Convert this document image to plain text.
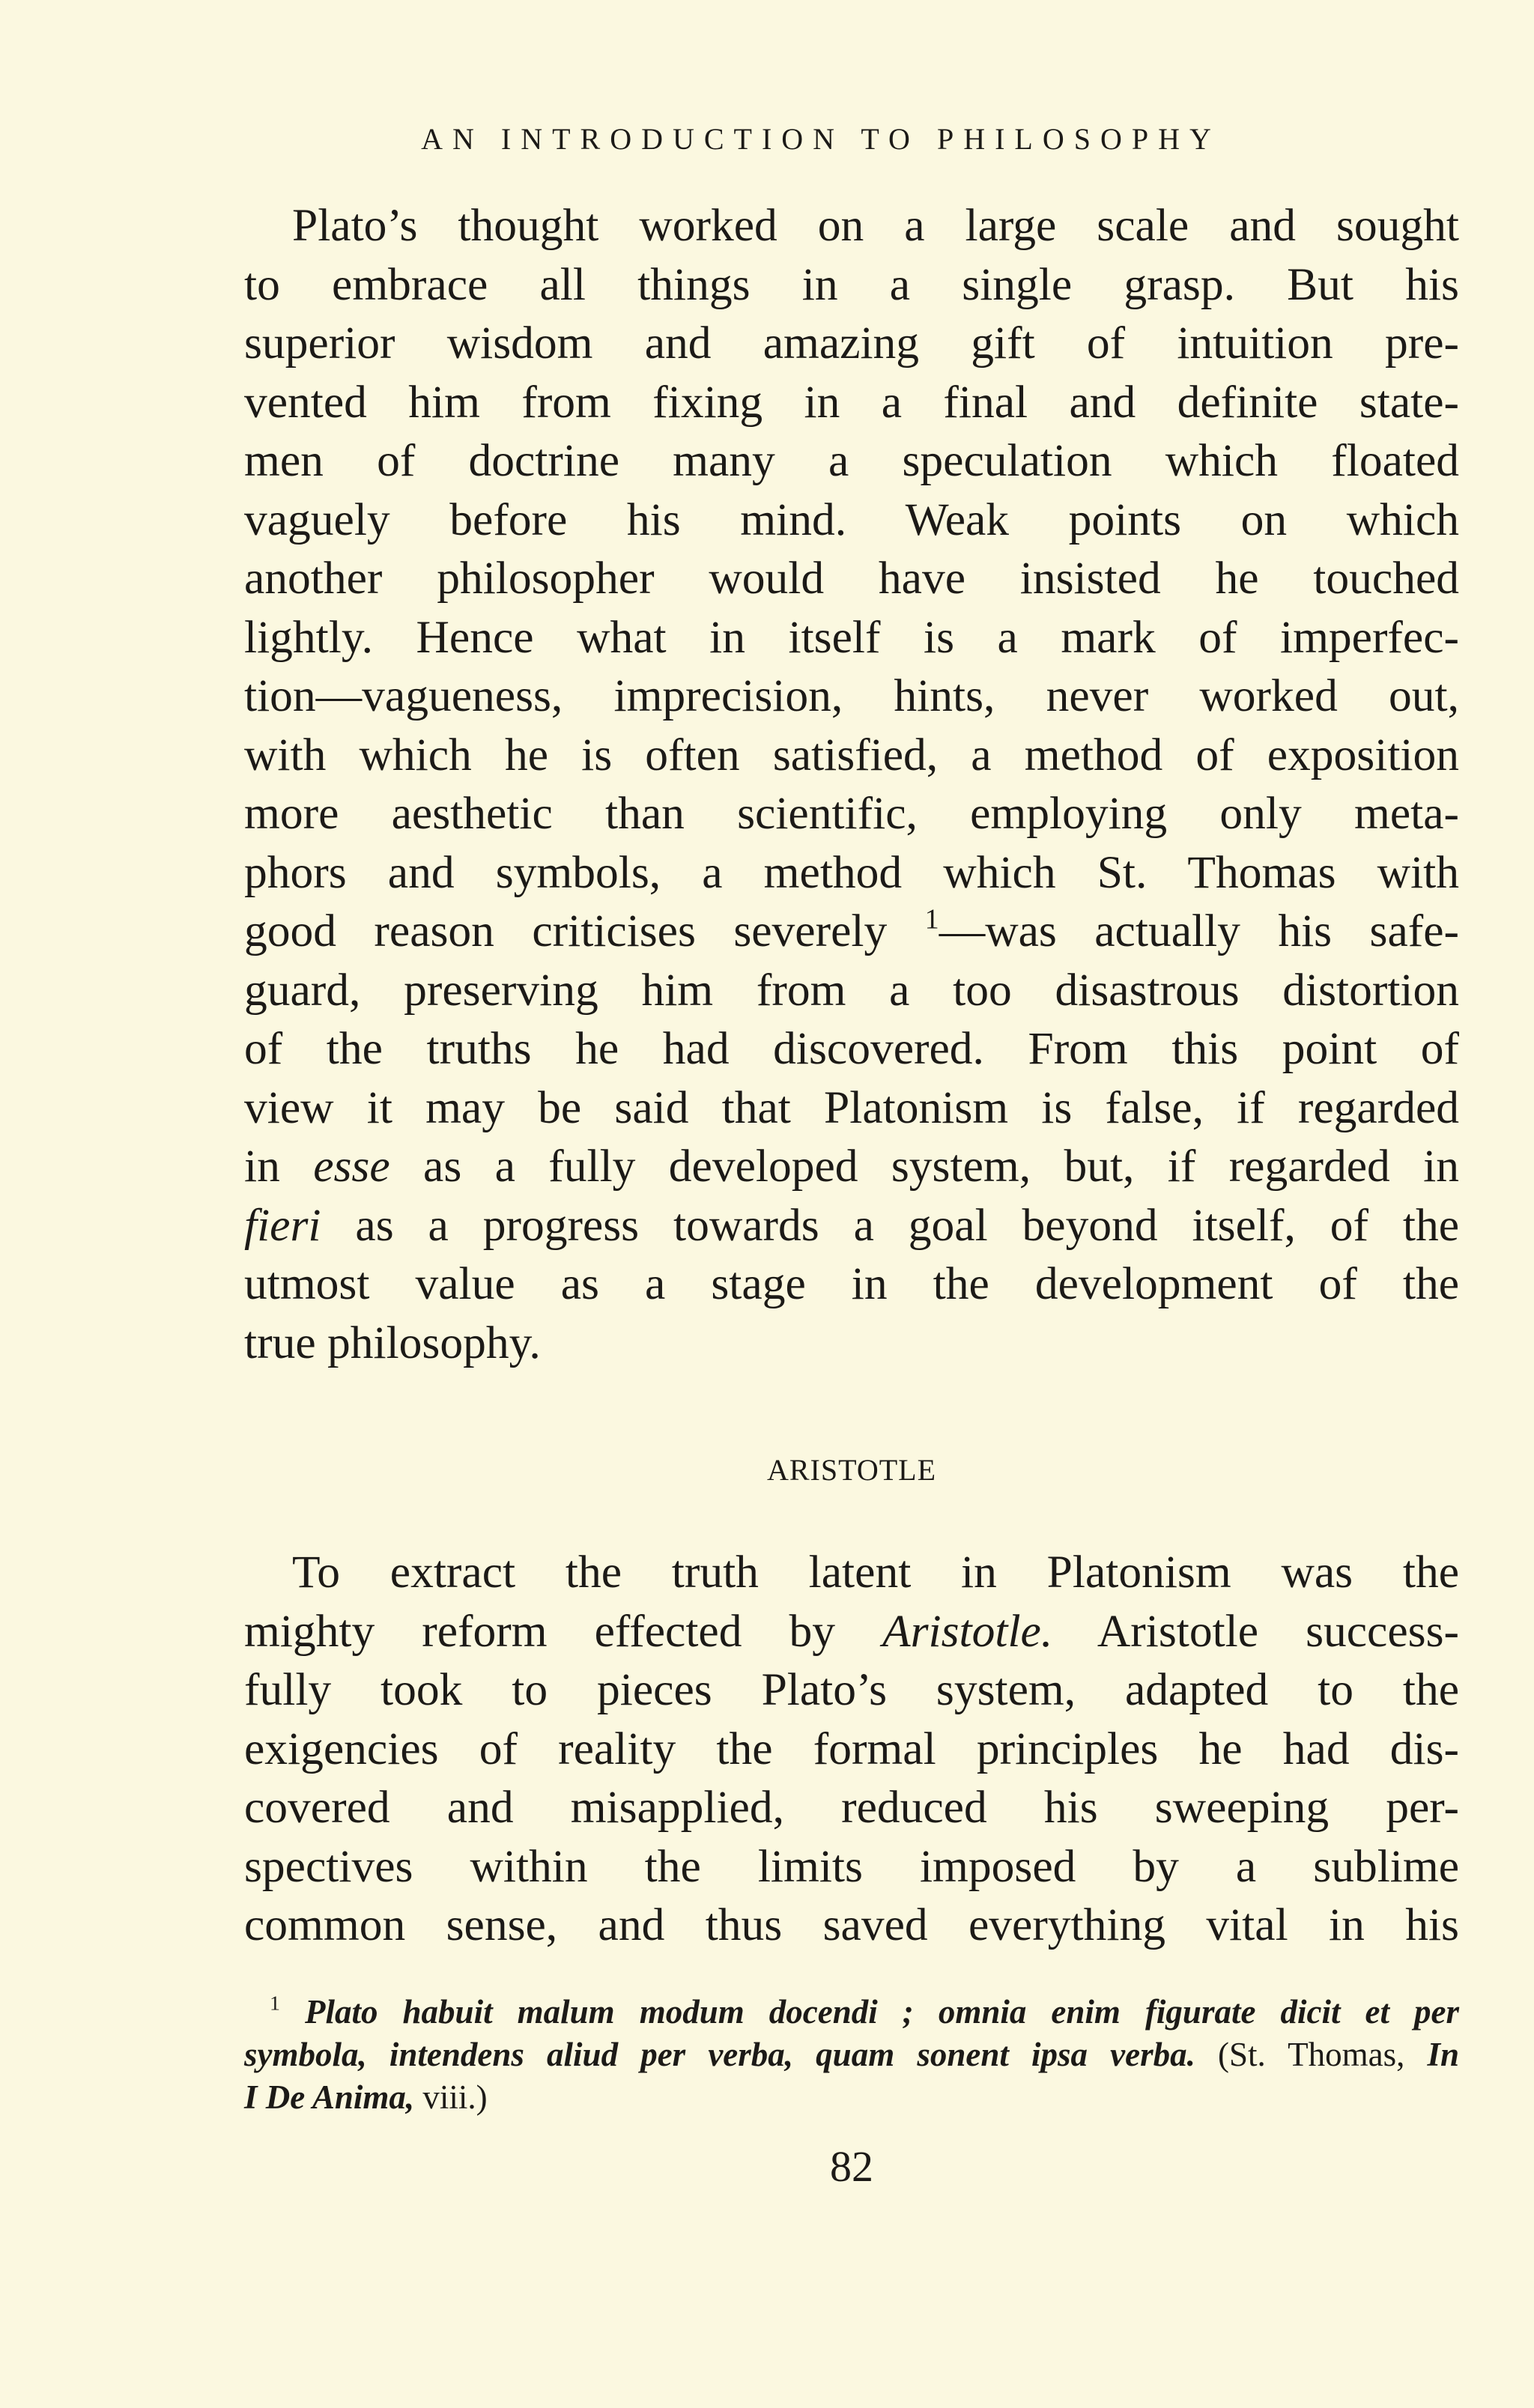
AN INTRODUCTION TO PHILOSOPHY
Plato’s thought worked on a large scale and sought
to embrace all things in a single grasp. But his
superior wisdom and amazing gift of intuition pre-
vented him from fixing in a final and definite state-
men of doctrine many a speculation which floated
vaguely before his mind. Weak points on which
another philosopher would have insisted he touched
lightly. Hence what in itself is a mark of imperfec-
tion—vagueness, imprecision, hints, never worked out,
with which he is often satisfied, a method of exposition
more aesthetic than scientific, employing only meta-
phors and symbols, a method which St. Thomas with
good reason criticises severely $^1$—was actually his safe-
guard, preserving him from a too disastrous distortion
of the truths he had discovered. From this point of
view it may be said that Platonism is false, if regarded
in esse as a fully developed system, but, if regarded in
fieri as a progress towards a goal beyond itself, of the
utmost value as a stage in the development of the
true philosophy.
ARISTOTLE
To extract the truth latent in Platonism was the
mighty reform effected by Aristotle. Aristotle success-
fully took to pieces Plato’s system, adapted to the
exigencies of reality the formal principles he had dis-
covered and misapplied, reduced his sweeping per-
spectives within the limits imposed by a sublime
common sense, and thus saved everything vital in his
$^1$ Plato habuit malum modum docendi ; omnia enim figurate dicit et per
symbola, intendens aliud per verba, quam sonent ipsa verba. (St. Thomas, In
I De Anima, viii.)
82
